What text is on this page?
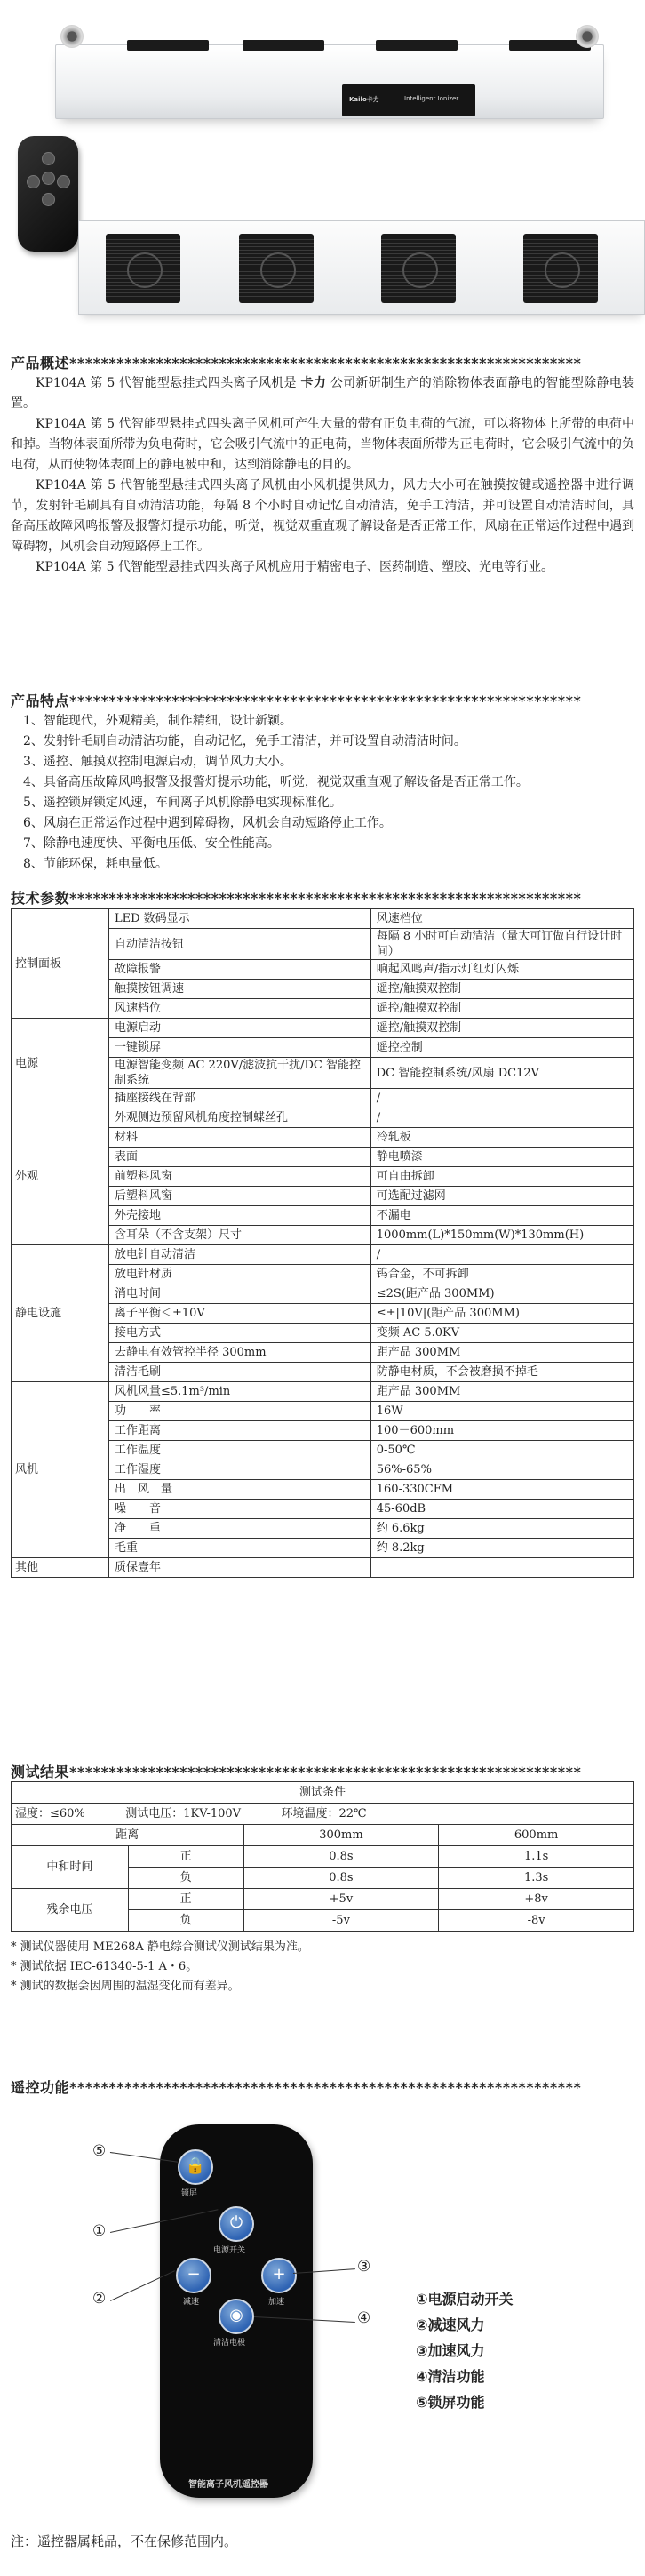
Kailo卡力	Intelligent Ionizer
产品概述*****************************************************************

KP104A 第 5 代智能型悬挂式四头离子风机是 卡力 公司新研制生产的消除物体表面静电的智能型除静电装置。

KP104A 第 5 代智能型悬挂式四头离子风机可产生大量的带有正负电荷的气流，可以将物体上所带的电荷中和掉。当物体表面所带为负电荷时，它会吸引气流中的正电荷，当物体表面所带为正电荷时，它会吸引气流中的负电荷，从而使物体表面上的静电被中和，达到消除静电的目的。

KP104A 第 5 代智能型悬挂式四头离子风机由小风机提供风力，风力大小可在触摸按键或遥控器中进行调节，发射针毛刷具有自动清洁功能，每隔 8 个小时自动记忆自动清洁，免手工清洁，并可设置自动清洁时间，具备高压故障风鸣报警及报警灯提示功能，听觉，视觉双重直观了解设备是否正常工作，风扇在正常运作过程中遇到障碍物，风机会自动短路停止工作。

KP104A 第 5 代智能型悬挂式四头离子风机应用于精密电子、医药制造、塑胶、光电等行业。

产品特点*****************************************************************
1、智能现代，外观精美，制作精细，设计新颖。
2、发射针毛刷自动清洁功能，自动记忆，免手工清洁，并可设置自动清洁时间。
3、遥控、触摸双控制电源启动，调节风力大小。
4、具备高压故障风鸣报警及报警灯提示功能，听觉，视觉双重直观了解设备是否正常工作。
5、遥控锁屏锁定风速，车间离子风机除静电实现标准化。
6、风扇在正常运作过程中遇到障碍物，风机会自动短路停止工作。
7、除静电速度快、平衡电压低、安全性能高。
8、节能环保，耗电量低。
技术参数*****************************************************************
控制面板	LED 数码显示	风速档位
	自动清洁按钮	每隔 8 小时可自动清洁（量大可订做自行设计时间）
	故障报警	响起风鸣声/指示灯红灯闪烁
	触摸按钮调速	遥控/触摸双控制
	风速档位	遥控/触摸双控制
电源	电源启动	遥控/触摸双控制
	一键锁屏	遥控控制
	电源智能变频 AC 220V/滤波抗干扰/DC 智能控制系统	DC 智能控制系统/风扇 DC12V
	插座接线在背部	/
外观	外观侧边预留风机角度控制蝶丝孔	/
	材料	冷轧板
	表面	静电喷漆
	前塑料风窗	可自由拆卸
	后塑料风窗	可选配过滤网
	外壳接地	不漏电
	含耳朵（不含支架）尺寸	1000mm(L)*150mm(W)*130mm(H)
静电设施	放电针自动清洁	/
	放电针材质	钨合金，不可拆卸
	消电时间	≤2S(距产品 300MM)
	离子平衡＜±10V	≤±|10V|(距产品 300MM)
	接电方式	变频 AC 5.0KV
	去静电有效管控半径 300mm	距产品 300MM
	清洁毛刷	防静电材质，不会被磨损不掉毛
风机	风机风量≤5.1m³/min	距产品 300MM
	功　　率	16W
	工作距离	100－600mm
	工作温度	0-50℃
	工作湿度	56%-65%
	出　风　量	160-330CFM
	噪　　音	45-60dB
	净　　重	约 6.6kg
	毛重	约 8.2kg
其他	质保壹年	
测试结果*****************************************************************
测试条件			
湿度：≤60% 测试电压：1KV-100V 环境温度：22℃			
距离		300mm	600mm
中和时间	正	0.8s	1.1s
	负	0.8s	1.3s
残余电压	正	+5v	+8v
	负	-5v	-8v
* 测试仪器使用 ME268A 静电综合测试仪测试结果为准。
* 测试依据 IEC-61340-5-1 A・6。
* 测试的数据会因周围的温湿变化而有差异。
遥控功能*****************************************************************
🔒
锁屏
⏻
电源开关
−
减速
+
加速
◉
清洁电极
智能离子风机遥控器
⑤
①
②
③
④
①电源启动开关
②减速风力
③加速风力
④清洁功能
⑤锁屏功能
注：遥控器属耗品，不在保修范围内。
